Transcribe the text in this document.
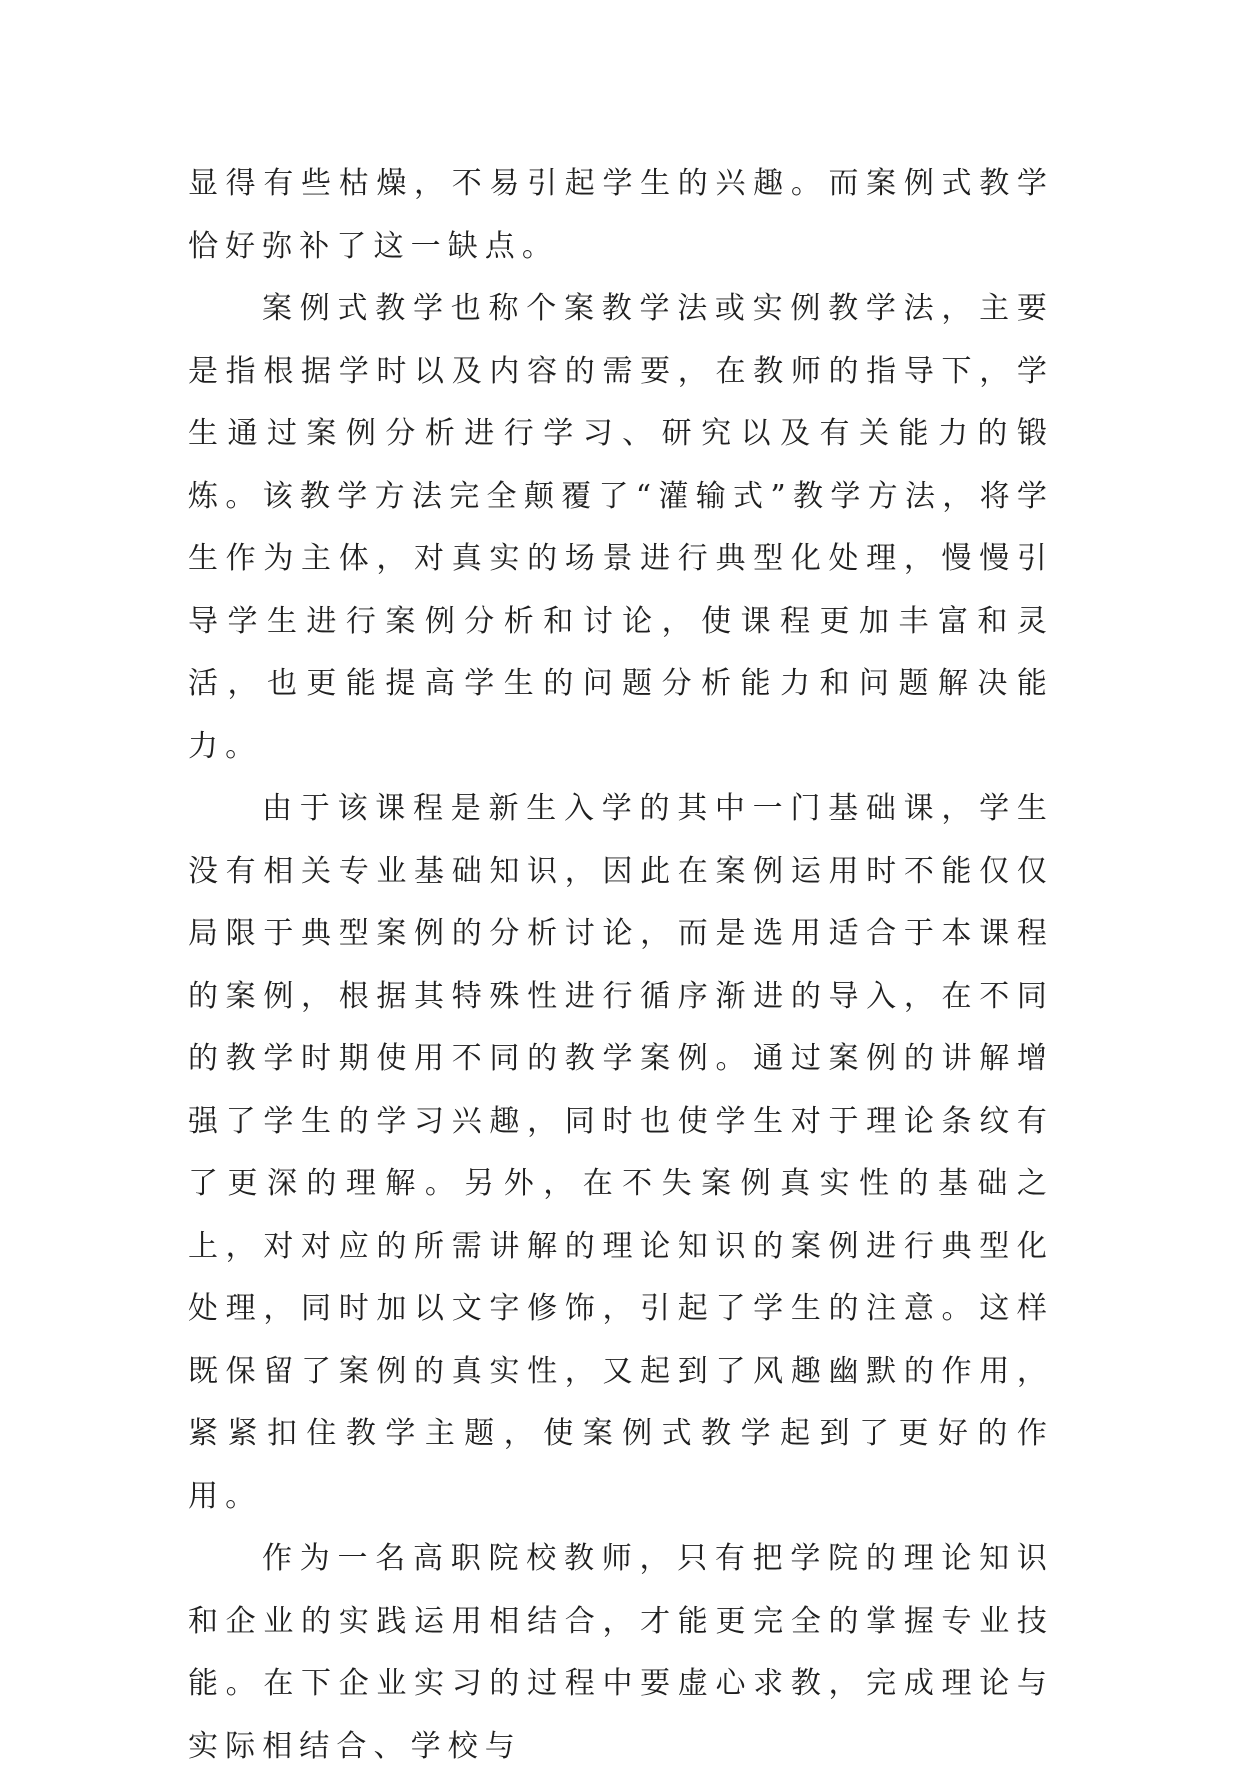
显得有些枯燥，不易引起学生的兴趣。而案例式教学恰好弥补了这一缺点。

案例式教学也称个案教学法或实例教学法，主要是指根据学时以及内容的需要，在教师的指导下，学生通过案例分析进行学习、研究以及有关能力的锻炼。该教学方法完全颠覆了“灌输式”教学方法，将学生作为主体，对真实的场景进行典型化处理，慢慢引导学生进行案例分析和讨论，使课程更加丰富和灵活，也更能提高学生的问题分析能力和问题解决能力。

由于该课程是新生入学的其中一门基础课，学生没有相关专业基础知识，因此在案例运用时不能仅仅局限于典型案例的分析讨论，而是选用适合于本课程的案例，根据其特殊性进行循序渐进的导入，在不同的教学时期使用不同的教学案例。通过案例的讲解增强了学生的学习兴趣，同时也使学生对于理论条纹有了更深的理解。另外，在不失案例真实性的基础之上，对对应的所需讲解的理论知识的案例进行典型化处理，同时加以文字修饰，引起了学生的注意。这样既保留了案例的真实性，又起到了风趣幽默的作用，紧紧扣住教学主题，使案例式教学起到了更好的作用。

作为一名高职院校教师，只有把学院的理论知识和企业的实践运用相结合，才能更完全的掌握专业技能。在下企业实习的过程中要虚心求教，完成理论与实际相结合、学校与
